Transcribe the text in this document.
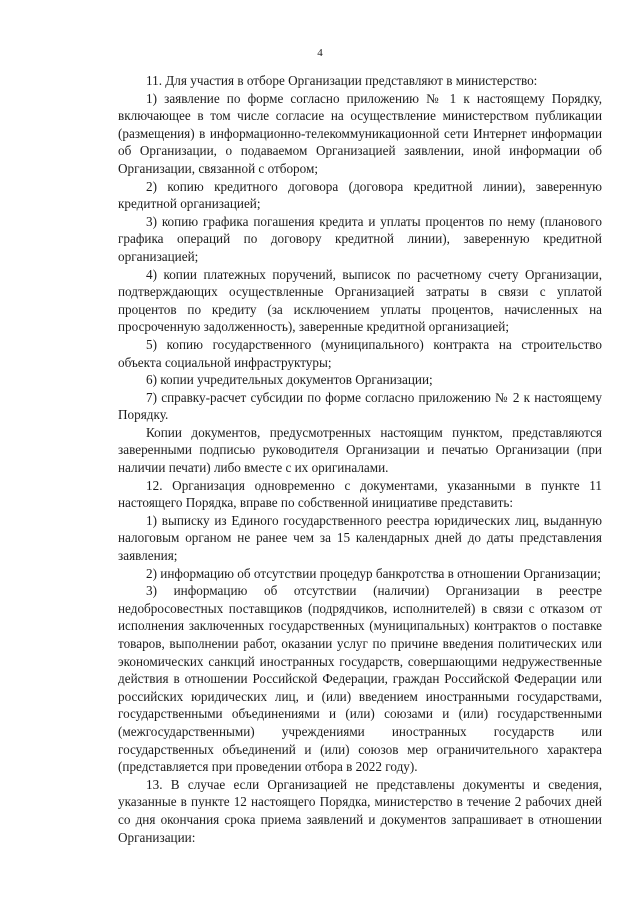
4

11. Для участия в отборе Организации представляют в министерство:

1) заявление по форме согласно приложению № 1 к настоящему Порядку, включающее в том числе согласие на осуществление министерством публикации (размещения) в информационно-телекоммуникационной сети Интернет информации об Организации, о подаваемом Организацией заявлении, иной информации об Организации, связанной с отбором;

2) копию кредитного договора (договора кредитной линии), заверенную кредитной организацией;

3) копию графика погашения кредита и уплаты процентов по нему (планового графика операций по договору кредитной линии), заверенную кредитной организацией;

4) копии платежных поручений, выписок по расчетному счету Организации, подтверждающих осуществленные Организацией затраты в связи с уплатой процентов по кредиту (за исключением уплаты процентов, начисленных на просроченную задолженность), заверенные кредитной организацией;

5) копию государственного (муниципального) контракта на строительство объекта социальной инфраструктуры;

6) копии учредительных документов Организации;

7) справку-расчет субсидии по форме согласно приложению № 2 к настоящему Порядку.

Копии документов, предусмотренных настоящим пунктом, представляются заверенными подписью руководителя Организации и печатью Организации (при наличии печати) либо вместе с их оригиналами.

12. Организация одновременно с документами, указанными в пункте 11 настоящего Порядка, вправе по собственной инициативе представить:

1) выписку из Единого государственного реестра юридических лиц, выданную налоговым органом не ранее чем за 15 календарных дней до даты представления заявления;

2) информацию об отсутствии процедур банкротства в отношении Организации;

3) информацию об отсутствии (наличии) Организации в реестре недобросовестных поставщиков (подрядчиков, исполнителей) в связи с отказом от исполнения заключенных государственных (муниципальных) контрактов о поставке товаров, выполнении работ, оказании услуг по причине введения политических или экономических санкций иностранных государств, совершающими недружественные действия в отношении Российской Федерации, граждан Российской Федерации или российских юридических лиц, и (или) введением иностранными государствами, государственными объединениями и (или) союзами и (или) государственными (межгосударственными) учреждениями иностранных государств или государственных объединений и (или) союзов мер ограничительного характера (представляется при проведении отбора в 2022 году).

13. В случае если Организацией не представлены документы и сведения, указанные в пункте 12 настоящего Порядка, министерство в течение 2 рабочих дней со дня окончания срока приема заявлений и документов запрашивает в отношении Организации:
